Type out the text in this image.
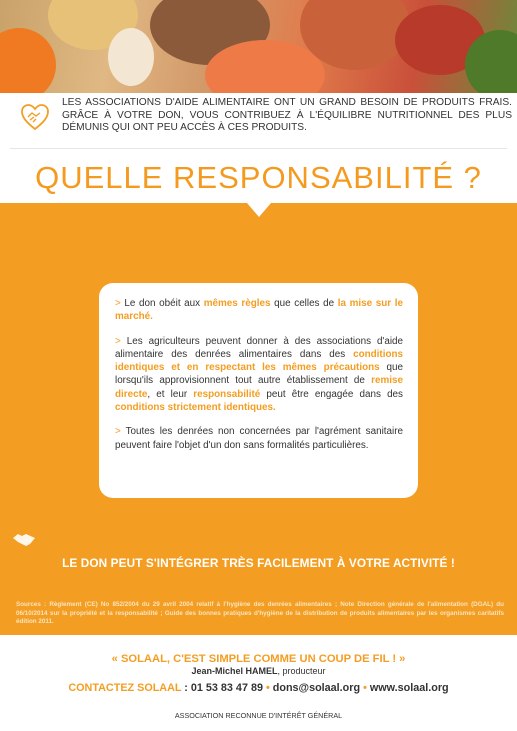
LES ASSOCIATIONS D'AIDE ALIMENTAIRE ONT UN GRAND BESOIN DE PRODUITS FRAIS. GRÂCE À VOTRE DON, VOUS CONTRIBUEZ À L'ÉQUILIBRE NUTRITIONNEL DES PLUS DÉMUNIS QUI ONT PEU ACCÈS À CES PRODUITS.
QUELLE RESPONSABILITÉ ?

> Le don obéit aux mêmes règles que celles de la mise sur le marché.

> Les agriculteurs peuvent donner à des associations d'aide alimentaire des denrées alimentaires dans des conditions identiques et en respectant les mêmes précautions que lorsqu'ils approvisionnent tout autre établissement de remise directe, et leur responsabilité peut être engagée dans des conditions strictement identiques.

> Toutes les denrées non concernées par l'agrément sanitaire peuvent faire l'objet d'un don sans formalités particulières.

LE DON PEUT S'INTÉGRER TRÈS FACILEMENT À VOTRE ACTIVITÉ !
Sources : Règlement (CE) No 852/2004 du 29 avril 2004 relatif à l'hygiène des denrées alimentaires ; Note Direction générale de l'alimentation (DGAL) du 06/10/2014 sur la propriété et la responsabilité ; Guide des bonnes pratiques d'hygiène de la distribution de produits alimentaires par les organismes caritatifs édition 2011.
« SOLAAL, C'EST SIMPLE COMME UN COUP DE FIL ! »
Jean-Michel HAMEL, producteur
CONTACTEZ SOLAAL : 01 53 83 47 89 • dons@solaal.org • www.solaal.org
ASSOCIATION RECONNUE D'INTÉRÊT GÉNÉRAL
